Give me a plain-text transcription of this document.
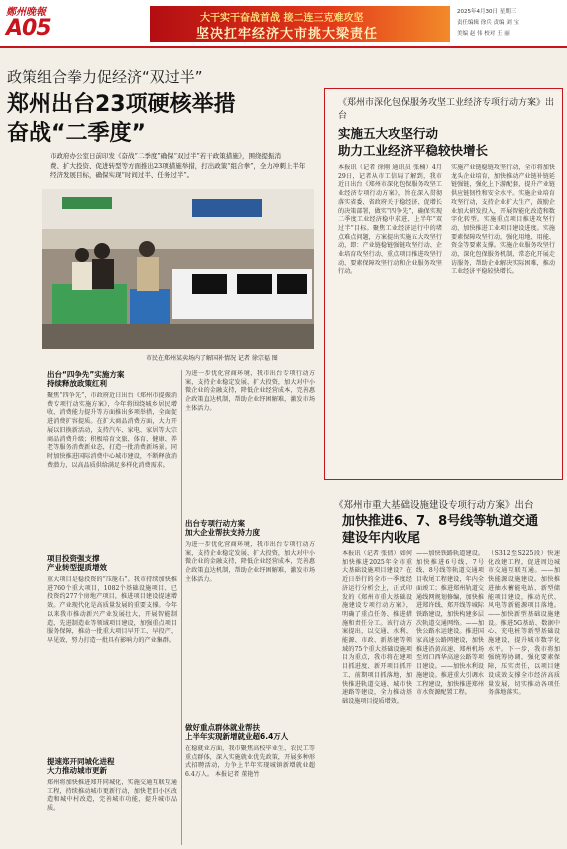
鄭州晚報
A05	大干实干奋战首战 接二连三克难攻坚
坚决扛牢经济大市挑大梁责任
2025年4月30日 星期三
责任编辑 徐兵 责编 刘 宝
美编 赵 伟 校对 王 丽
政策组合拳力促经济“双过半”
郑州出台23项硬核举措
奋战“二季度”
市政府办公室日前印发《奋战“二季度”确保“双过半”若干政策措施》，围绕提振消
费、扩大投资、促进转型等方面推出23项措施举措，打出政策“组合拳”，全力冲刺上半年
经济发展目标，确保实现“时间过半、任务过半”。
市民在郑州某卖场内了解国补情况 记者 徐宗福 图
出台“四争先”实施方案
持续释放政策红利
聚焦“四争先”，市政府近日出台《郑州市提振消费专项行动实施方案》，今年将围绕城乡居民增收、消费能力提升等方面推出多项举措，全面促进消费扩容提质。在扩大商品消费方面，大力开展以旧换新活动，支持汽车、家电、家居等大宗商品消费升级；积极培育文旅、体育、健康、养老等服务消费新业态，打造一批消费新场景。同时加快推进国际消费中心城市建设，不断释放消费潜力，以高品质供给满足多样化消费需求。
项目投资强支撑
产业转型提质增效
重大项目是稳投资的“压舱石”。我市持续加快推进760个重大项目，1082个基础设施项目、已投资约277个房地产项目，推进项目建设提速增效。产业现代化是高质量发展的重要支撑。今年以来我市推动新兴产业发展壮大，开展智能制造、先进制造业等领域项目建设，加强重点项目服务保障，推动一批重大项目早开工、早投产、早见效，努力打造一批具有影响力的产业集群。
提速郑开同城化进程
大力推动城市更新
郑州将加快推进郑开同城化，实施交通互联互通工程，持续推动城市更新行动，加快老旧小区改造和城中村改造，完善城市功能，提升城市品质。
为进一步优化营商环境，我市出台专项行动方案，支持企业稳定发展、扩大投资，加大对中小微企业的金融支持，降低企业经营成本，完善惠企政策直达机制，帮助企业纾困解难，激发市场主体活力。
出台专项行动方案
加大企业帮扶支持力度
为进一步优化营商环境，我市出台专项行动方案，支持企业稳定发展、扩大投资，加大对中小微企业的金融支持，降低企业经营成本，完善惠企政策直达机制，帮助企业纾困解难，激发市场主体活力。
做好重点群体就业帮扶
上半年实现新增就业超6.4万人
在稳就业方面，我市聚焦高校毕业生、农民工等重点群体，深入实施就业优先政策，开展多种形式招聘活动，力争上半年实现城镇新增就业超6.4万人。 本报记者 董艳竹
《郑州市深化包保服务攻坚工业经济专项行动方案》出台
实施五大攻坚行动
助力工业经济平稳较快增长
本报讯（记者 徐刚 通讯员 张楠）4月29日，记者从市工信局了解到，我市近日出台《郑州市深化包保服务攻坚工业经济专项行动方案》，旨在深入贯彻落实省委、省政府关于稳经济、促增长的决策部署，做实“四争先”，确保实现二季度工业经济稳中求进、上半年“双过半”目标。聚焦工业经济运行中的堵点难点问题，方案提出实施五大攻坚行动，即：产业链稳链强链攻坚行动、企业培育攻坚行动、重点项目推进攻坚行动、要素保障攻坚行动和企业服务攻坚行动。
实施产业链稳链攻坚行动，全市将加快龙头企业培育，加快推动产业链补链延链强链，强化上下游配套，提升产业链供应链韧性和安全水平。实施企业培育攻坚行动，支持企业扩大生产，鼓励企业加大研发投入，开展智能化改造和数字化转型。实施重点项目推进攻坚行动，加快推进工业项目建设进度。实施要素保障攻坚行动，强化用地、用能、资金等要素支撑。实施企业服务攻坚行动，深化包保服务机制，常态化开展走访服务，帮助企业解决实际困难，推动工业经济平稳较快增长。
《郑州市重大基础设施建设专项行动方案》出台
加快推进6、7、8号线等轨道交通
建设年内收尾
本报讯（记者 张倩）如何加快推进2025年全市重大基础设施项目建设？在近日举行的全市一季度经济运行分析会上，正式印发的《郑州市重大基础设施建设专项行动方案》，明确了重点任务、推进措施和责任分工。该行动方案提出，以交通、水利、能源、市政、新基建等领域的75个重大基础设施项目为重点，我市将在建项目抓进度、新开项目抓开工、前期项目抓落地，加快推进轨道交通、城市快速路等建设，全力推动基础设施项目提质增效。
——加快铁路轨道建设。加快推进6号线、7号线、8号线等轨道交通项目收尾工程建设，年内全面竣工；推进郑州轨道交通线网规划修编，加快推进郑许线、郑开线等城际铁路建设，加快构建多层次轨道交通网络。——加快公路水运建设。推进国家高速公路网建设，加快推进沿黄高速、郑州机场至周口西华高速公路等项目建设。——加快水利设施建设。推进重大引调水工程建设，加快推进郑州市水资源配置工程。
（S312至S225段）快速化改建工程，促进周边城市交通互联互通。——加快能源设施建设。加快推进抽水蓄能电站、新型储能项目建设，推动光伏、风电等新能源项目落地。——加快新型基础设施建设。推进5G基站、数据中心、充电桩等新型基础设施建设，提升城市数字化水平。下一步，我市将加强统筹协调，强化要素保障，压实责任，以项目建设成效支撑全市经济高质量发展，切实推动各项任务落地落实。
